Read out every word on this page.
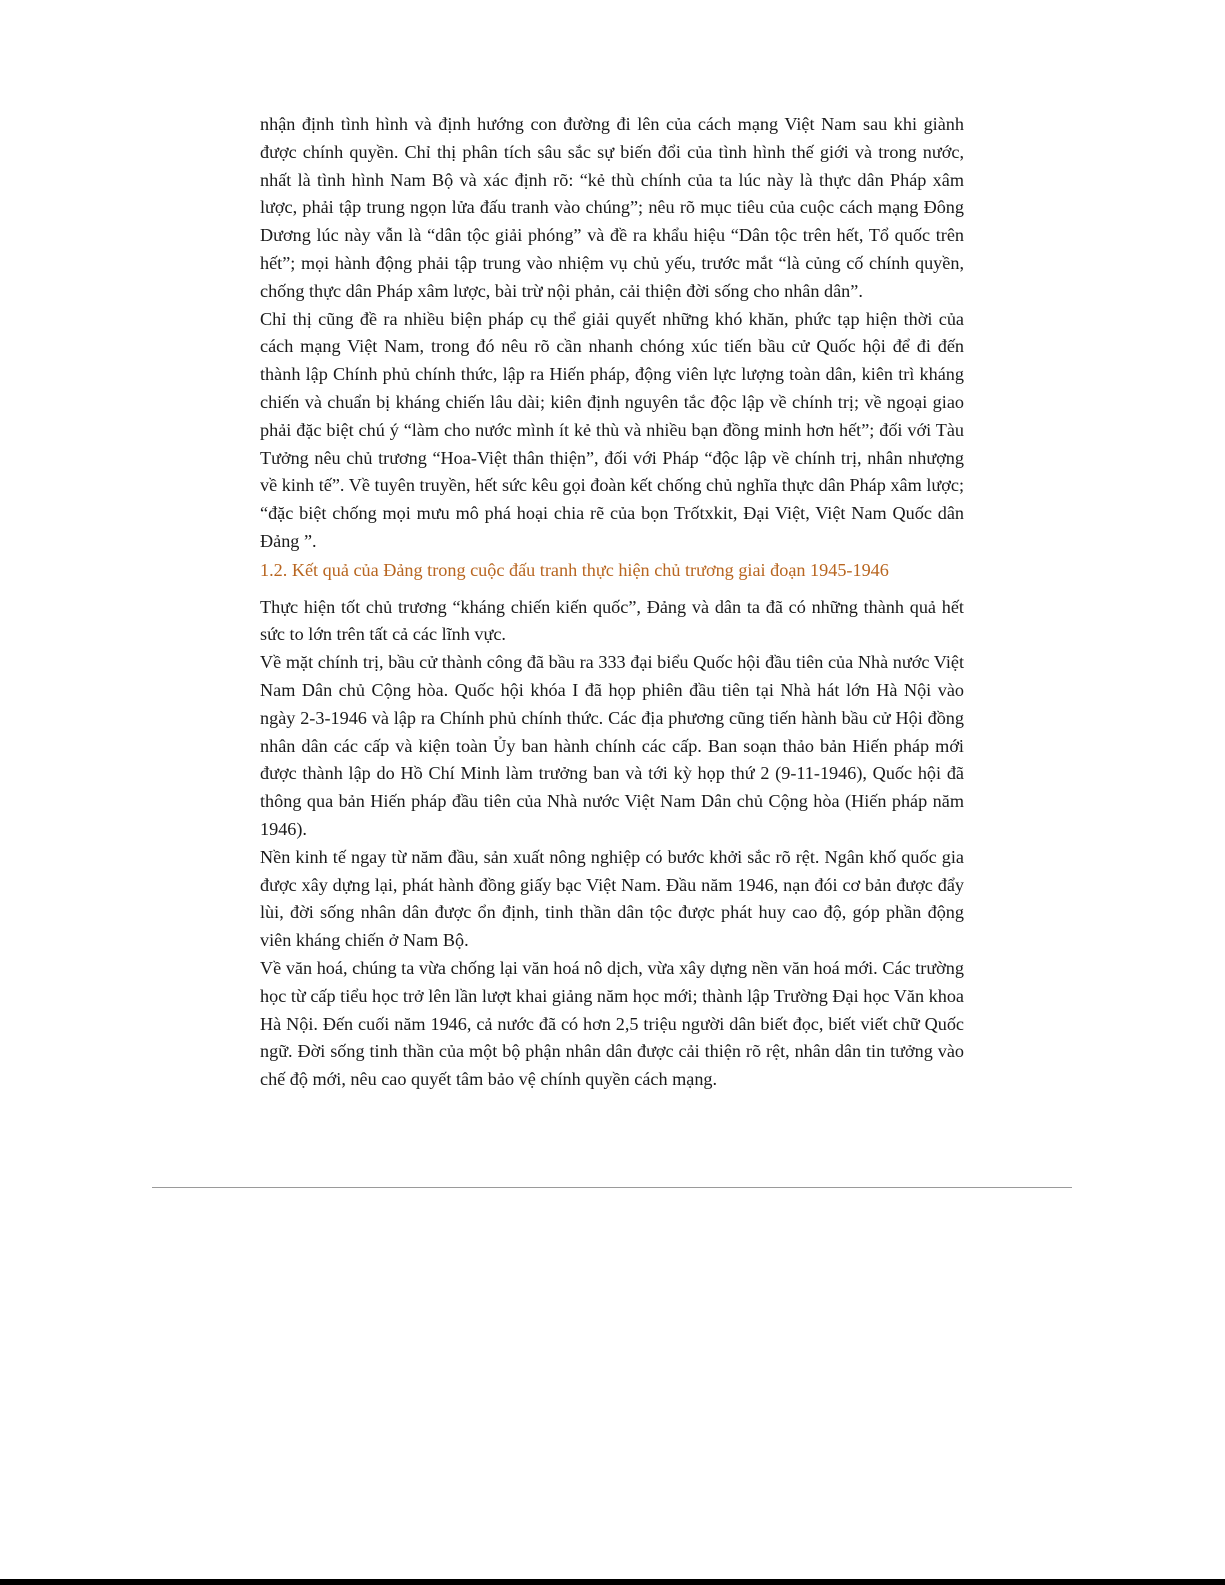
nhận định tình hình và định hướng con đường đi lên của cách mạng Việt Nam sau khi giành được chính quyền. Chỉ thị phân tích sâu sắc sự biến đổi của tình hình thế giới và trong nước, nhất là tình hình Nam Bộ và xác định rõ: “kẻ thù chính của ta lúc này là thực dân Pháp xâm lược, phải tập trung ngọn lửa đấu tranh vào chúng”; nêu rõ mục tiêu của cuộc cách mạng Đông Dương lúc này vẫn là “dân tộc giải phóng” và đề ra khẩu hiệu “Dân tộc trên hết, Tổ quốc trên hết”; mọi hành động phải tập trung vào nhiệm vụ chủ yếu, trước mắt “là củng cố chính quyền, chống thực dân Pháp xâm lược, bài trừ nội phản, cải thiện đời sống cho nhân dân”.

Chỉ thị cũng đề ra nhiều biện pháp cụ thể giải quyết những khó khăn, phức tạp hiện thời của cách mạng Việt Nam, trong đó nêu rõ cần nhanh chóng xúc tiến bầu cử Quốc hội để đi đến thành lập Chính phủ chính thức, lập ra Hiến pháp, động viên lực lượng toàn dân, kiên trì kháng chiến và chuẩn bị kháng chiến lâu dài; kiên định nguyên tắc độc lập về chính trị; về ngoại giao phải đặc biệt chú ý “làm cho nước mình ít kẻ thù và nhiều bạn đồng minh hơn hết”; đối với Tàu Tưởng nêu chủ trương “Hoa-Việt thân thiện”, đối với Pháp “độc lập về chính trị, nhân nhượng về kinh tế”. Về tuyên truyền, hết sức kêu gọi đoàn kết chống chủ nghĩa thực dân Pháp xâm lược; “đặc biệt chống mọi mưu mô phá hoại chia rẽ của bọn Trốtxkit, Đại Việt, Việt Nam Quốc dân Đảng ”.

1.2. Kết quả của Đảng trong cuộc đấu tranh thực hiện chủ trương giai đoạn 1945-1946

Thực hiện tốt chủ trương “kháng chiến kiến quốc”, Đảng và dân ta đã có những thành quả hết sức to lớn trên tất cả các lĩnh vực.

Về mặt chính trị, bầu cử thành công đã bầu ra 333 đại biểu Quốc hội đầu tiên của Nhà nước Việt Nam Dân chủ Cộng hòa. Quốc hội khóa I đã họp phiên đầu tiên tại Nhà hát lớn Hà Nội vào ngày 2-3-1946 và lập ra Chính phủ chính thức. Các địa phương cũng tiến hành bầu cử Hội đồng nhân dân các cấp và kiện toàn Ủy ban hành chính các cấp. Ban soạn thảo bản Hiến pháp mới được thành lập do Hồ Chí Minh làm trưởng ban và tới kỳ họp thứ 2 (9-11-1946), Quốc hội đã thông qua bản Hiến pháp đầu tiên của Nhà nước Việt Nam Dân chủ Cộng hòa (Hiến pháp năm 1946).

Nền kinh tế ngay từ năm đầu, sản xuất nông nghiệp có bước khởi sắc rõ rệt. Ngân khố quốc gia được xây dựng lại, phát hành đồng giấy bạc Việt Nam. Đầu năm 1946, nạn đói cơ bản được đẩy lùi, đời sống nhân dân được ổn định, tinh thần dân tộc được phát huy cao độ, góp phần động viên kháng chiến ở Nam Bộ.

Về văn hoá, chúng ta vừa chống lại văn hoá nô dịch, vừa xây dựng nền văn hoá mới. Các trường học từ cấp tiểu học trở lên lần lượt khai giảng năm học mới; thành lập Trường Đại học Văn khoa Hà Nội. Đến cuối năm 1946, cả nước đã có hơn 2,5 triệu người dân biết đọc, biết viết chữ Quốc ngữ. Đời sống tinh thần của một bộ phận nhân dân được cải thiện rõ rệt, nhân dân tin tưởng vào chế độ mới, nêu cao quyết tâm bảo vệ chính quyền cách mạng.
